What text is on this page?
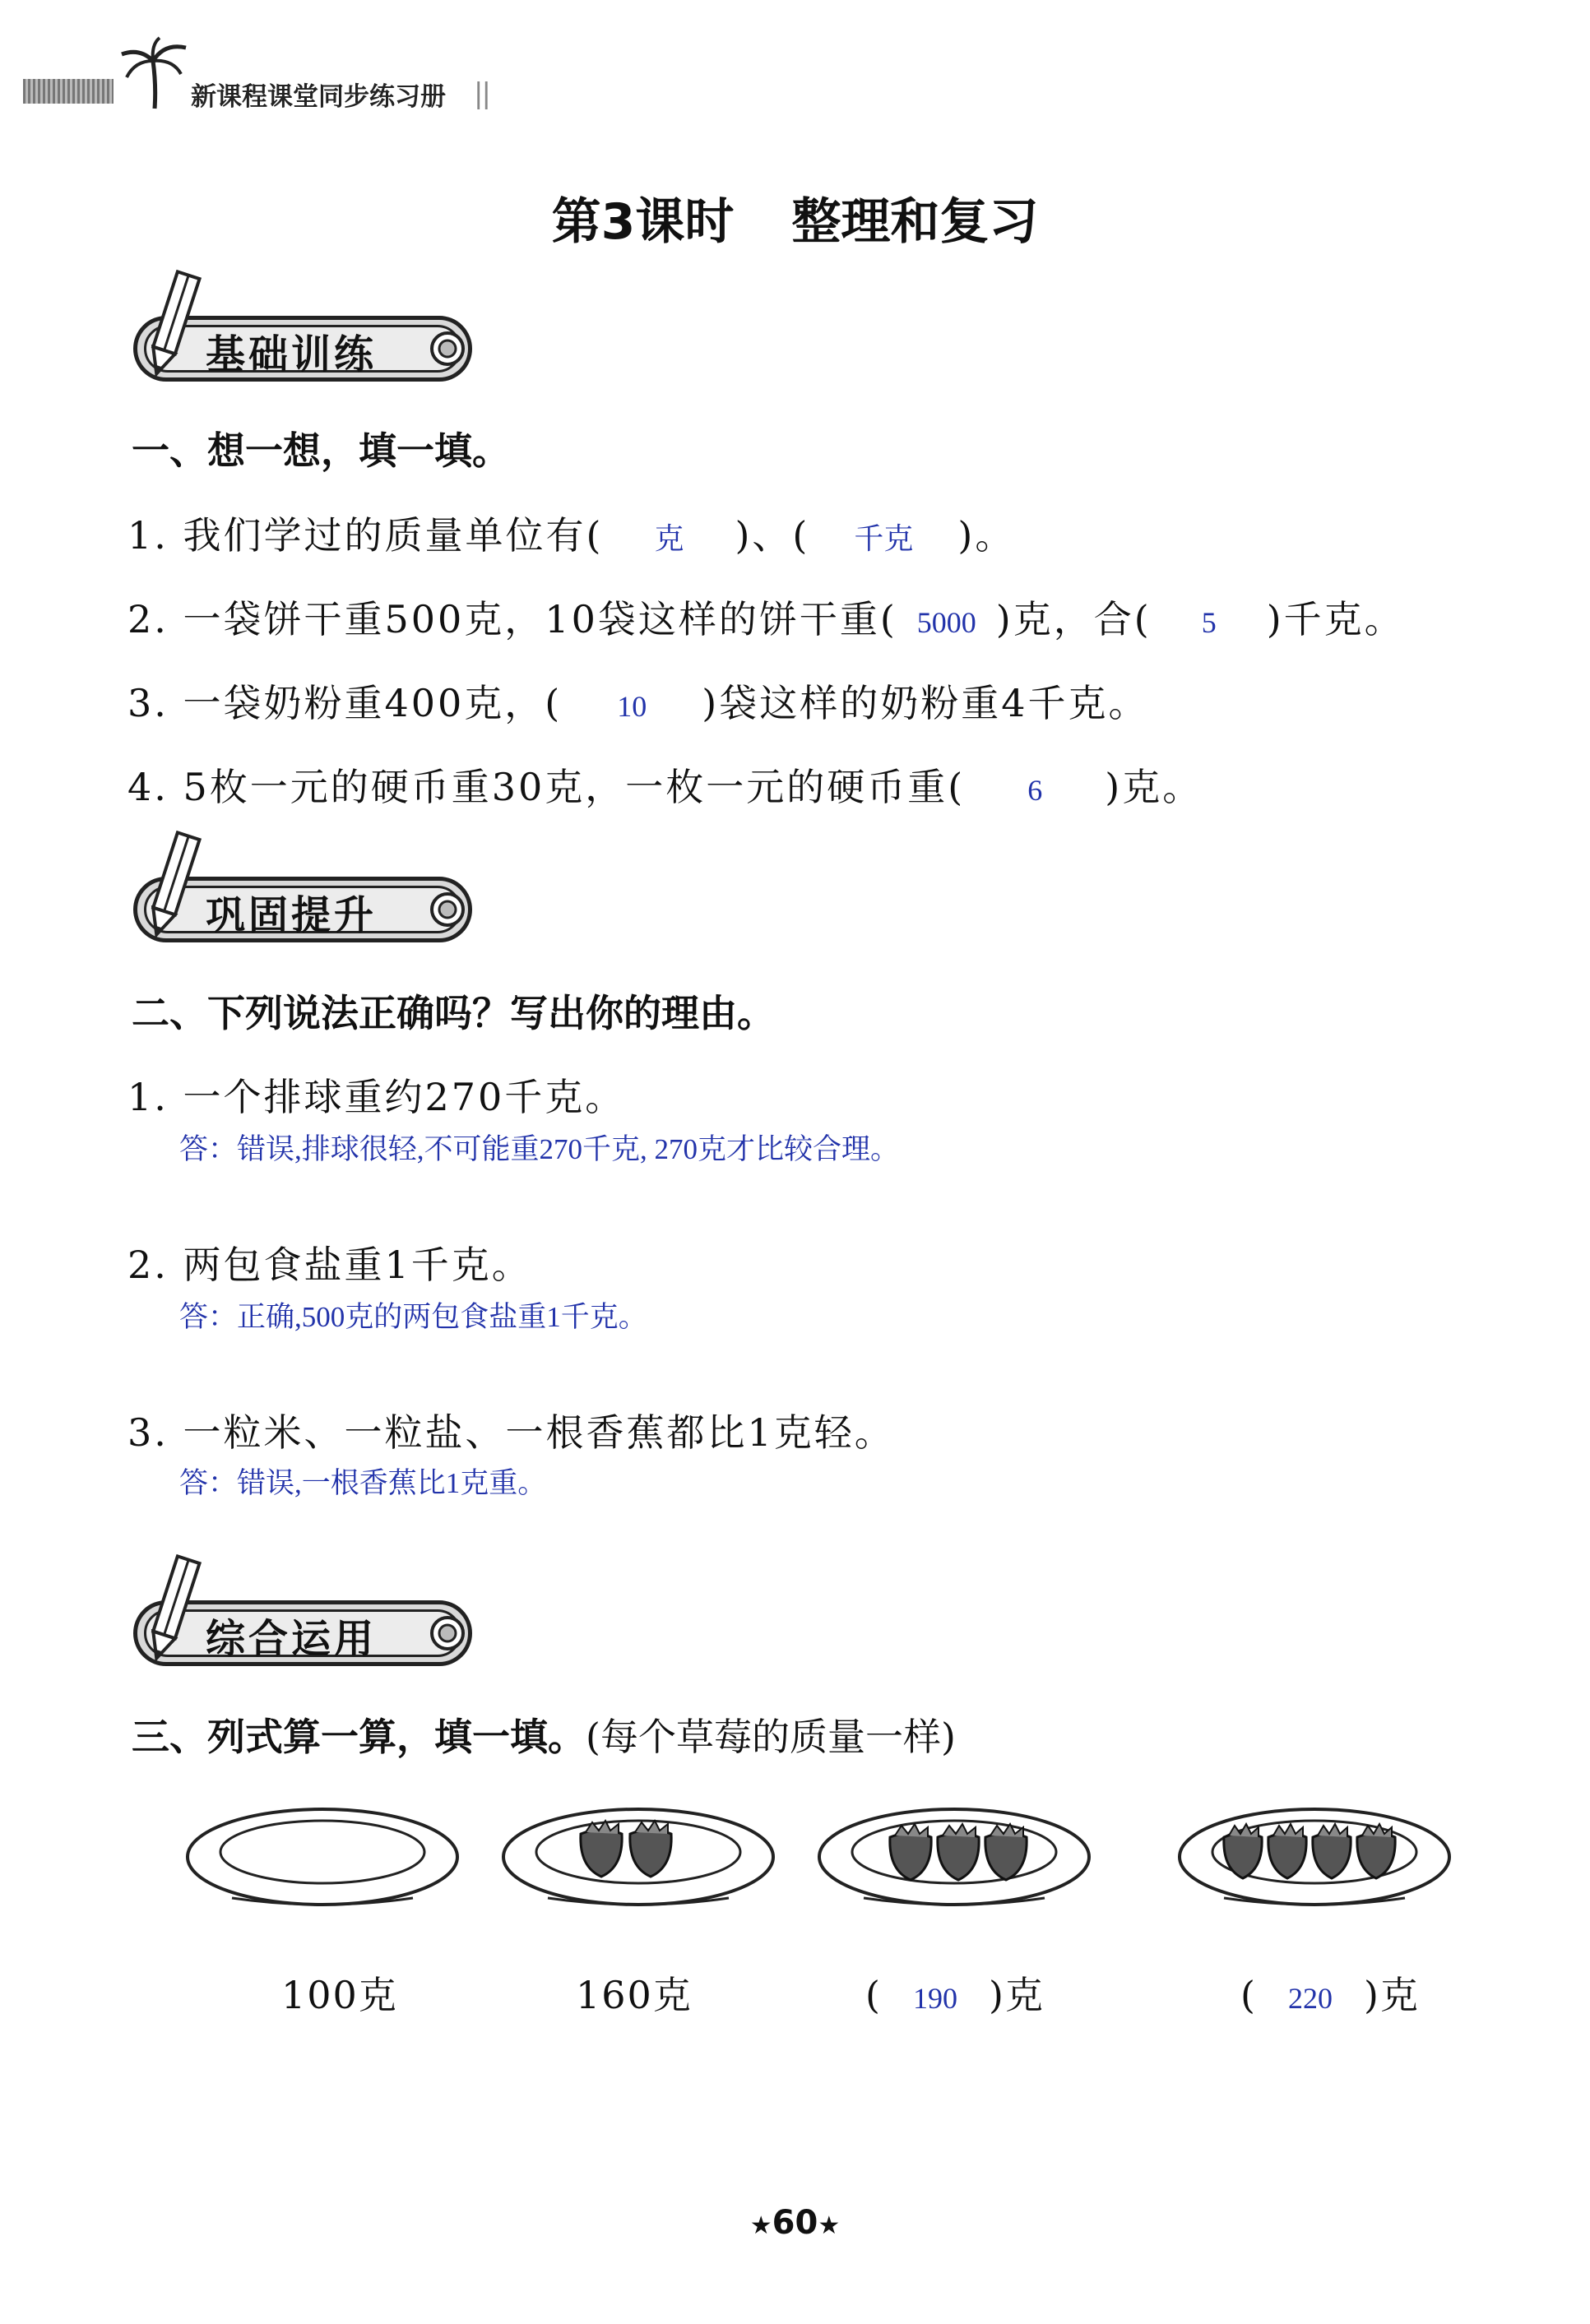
新课程课堂同步练习册 ||
第3课时 整理和复习
基础训练
一、想一想，填一填。
1. 我们学过的质量单位有( 克 )、( 千克 )。
2. 一袋饼干重500克，10袋这样的饼干重( 5000 )克，合( 5 )千克。
3. 一袋奶粉重400克，( 10 )袋这样的奶粉重4千克。
4. 5枚一元的硬币重30克，一枚一元的硬币重( 6 )克。
巩固提升
二、下列说法正确吗？写出你的理由。
1. 一个排球重约270千克。
答：错误,排球很轻,不可能重270千克, 270克才比较合理。
2. 两包食盐重1千克。
答：正确,500克的两包食盐重1千克。
3. 一粒米、一粒盐、一根香蕉都比1克轻。
答：错误,一根香蕉比1克重。
综合运用
三、列式算一算，填一填。(每个草莓的质量一样)
100克	160克	( 190 )克	( 220 )克
★60★
